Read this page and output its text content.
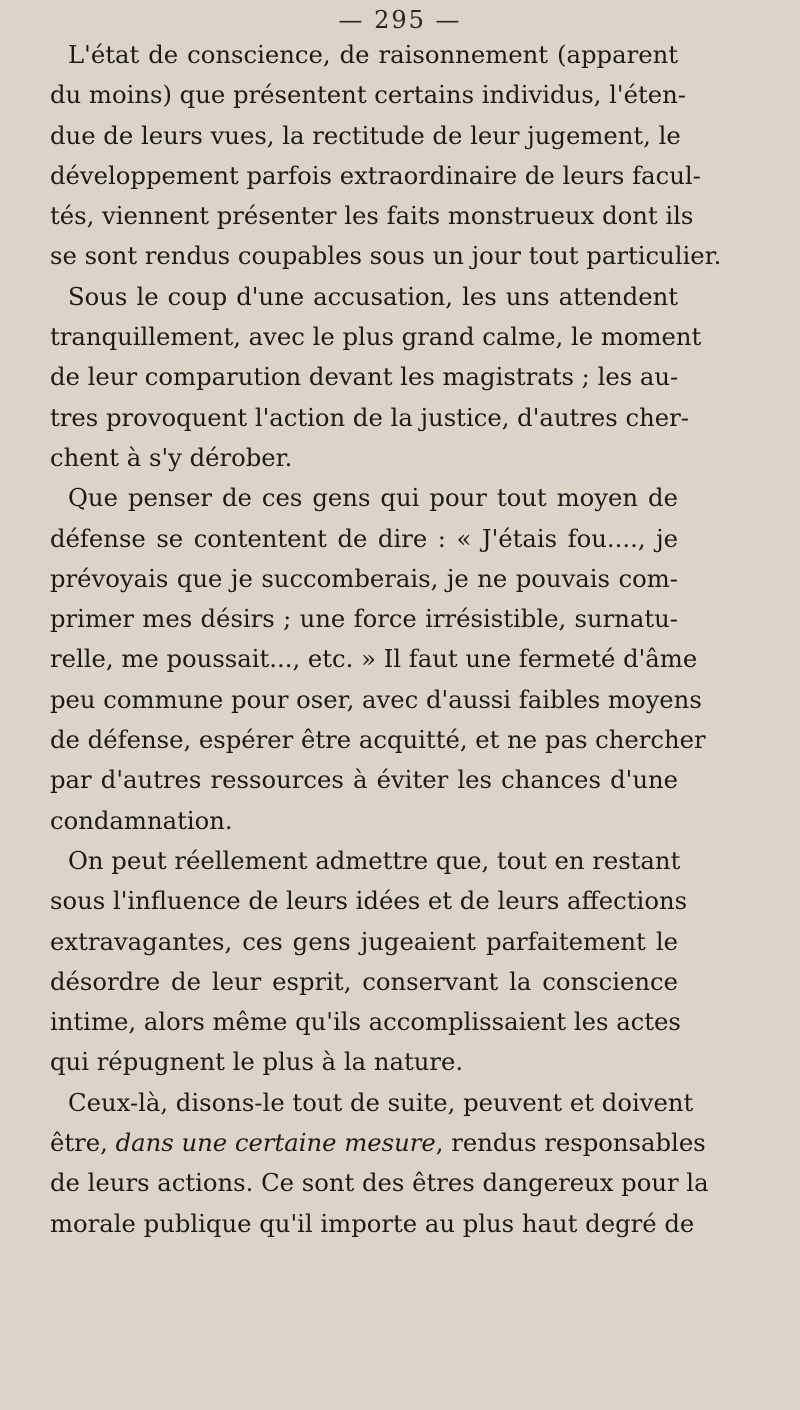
— 295 —
L'état de conscience, de raisonnement (apparent
du moins) que présentent certains individus, l'éten-
due de leurs vues, la rectitude de leur jugement, le
développement parfois extraordinaire de leurs facul-
tés, viennent présenter les faits monstrueux dont ils
se sont rendus coupables sous un jour tout particulier.
Sous le coup d'une accusation, les uns attendent
tranquillement, avec le plus grand calme, le moment
de leur comparution devant les magistrats ; les au-
tres provoquent l'action de la justice, d'autres cher-
chent à s'y dérober.
Que penser de ces gens qui pour tout moyen de
défense se contentent de dire : « J'étais fou...., je
prévoyais que je succomberais, je ne pouvais com-
primer mes désirs ; une force irrésistible, surnatu-
relle, me poussait..., etc. » Il faut une fermeté d'âme
peu commune pour oser, avec d'aussi faibles moyens
de défense, espérer être acquitté, et ne pas chercher
par d'autres ressources à éviter les chances d'une
condamnation.
On peut réellement admettre que, tout en restant
sous l'influence de leurs idées et de leurs affections
extravagantes, ces gens jugeaient parfaitement le
désordre de leur esprit, conservant la conscience
intime, alors même qu'ils accomplissaient les actes
qui répugnent le plus à la nature.
Ceux-là, disons-le tout de suite, peuvent et doivent
être, dans une certaine mesure, rendus responsables
de leurs actions. Ce sont des êtres dangereux pour la
morale publique qu'il importe au plus haut degré de
